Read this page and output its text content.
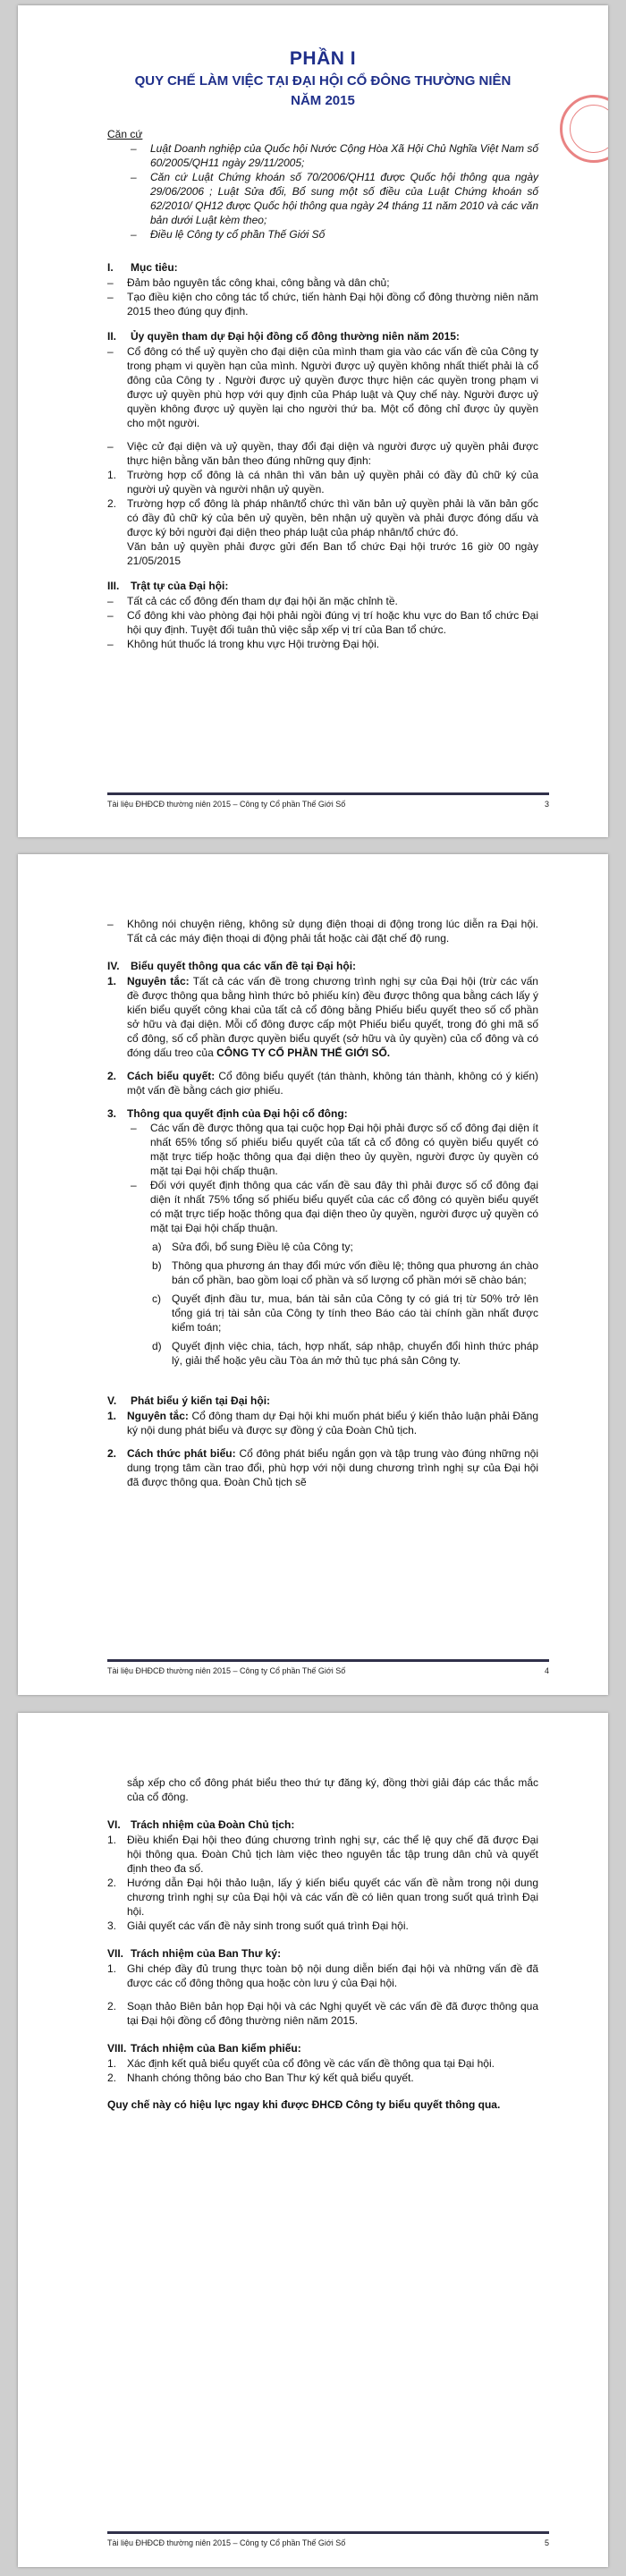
PHẦN I
QUY CHẾ LÀM VIỆC TẠI ĐẠI HỘI CỔ ĐÔNG THƯỜNG NIÊN
NĂM 2015
Căn cứ
–	Luật Doanh nghiệp của Quốc hội Nước Cộng Hòa Xã Hội Chủ Nghĩa Việt Nam số 60/2005/QH11 ngày 29/11/2005;
–	Căn cứ Luật Chứng khoán số 70/2006/QH11 được Quốc hội thông qua ngày 29/06/2006 ; Luật Sửa đổi, Bổ sung một số điều của Luật Chứng khoán số 62/2010/ QH12 được Quốc hội thông qua ngày 24 tháng 11 năm 2010 và các văn bản dưới Luật kèm theo;
–	Điều lệ Công ty cổ phần Thế Giới Số
I. Mục tiêu:
–	Đảm bảo nguyên tắc công khai, công bằng và dân chủ;
–	Tạo điều kiện cho công tác tổ chức, tiến hành Đại hội đồng cổ đông thường niên năm 2015 theo đúng quy định.
II. Ủy quyền tham dự Đại hội đồng cổ đông thường niên năm 2015:
–	Cổ đông có thể uỷ quyền cho đại diện của mình tham gia vào các vấn đề của Công ty trong phạm vi quyền hạn của mình. Người được uỷ quyền không nhất thiết phải là cổ đông của Công ty . Người được uỷ quyền được thực hiện các quyền trong phạm vi được uỷ quyền phù hợp với quy định của Pháp luật và Quy chế này. Người được uỷ quyền không được uỷ quyền lại cho người thứ ba. Một cổ đông chỉ được ủy quyền cho một người.
–	Việc cử đại diện và uỷ quyền, thay đổi đại diện và người được uỷ quyền phải được thực hiện bằng văn bản theo đúng những quy định:
1. Trường hợp cổ đông là cá nhân thì văn bản uỷ quyền phải có đầy đủ chữ ký của người uỷ quyền và người nhận uỷ quyền.
2. Trường hợp cổ đông là pháp nhân/tổ chức thì văn bản uỷ quyền phải là văn bản gốc có đầy đủ chữ ký của bên uỷ quyền, bên nhận uỷ quyền và phải được đóng dấu và được ký bởi người đại diện theo pháp luật của pháp nhân/tổ chức đó.
Văn bản uỷ quyền phải được gửi đến Ban tổ chức Đại hội trước 16 giờ 00 ngày 21/05/2015
III. Trật tự của Đại hội:
–	Tất cả các cổ đông đến tham dự đại hội ăn mặc chỉnh tề.
–	Cổ đông khi vào phòng đại hội phải ngồi đúng vị trí hoặc khu vực do Ban tổ chức Đại hội quy định. Tuyệt đối tuân thủ việc sắp xếp vị trí của Ban tổ chức.
–	Không hút thuốc lá trong khu vực Hội trường Đại hội.
Tài liệu ĐHĐCĐ thường niên 2015 – Công ty Cổ phần Thế Giới Số	3
–	Không nói chuyện riêng, không sử dụng điện thoại di động trong lúc diễn ra Đại hội. Tất cả các máy điện thoại di động phải tắt hoặc cài đặt chế độ rung.
IV. Biểu quyết thông qua các vấn đề tại Đại hội:
1. Nguyên tắc: Tất cả các vấn đề trong chương trình nghị sự của Đại hội (trừ các vấn đề được thông qua bằng hình thức bỏ phiếu kín) đều được thông qua bằng cách lấy ý kiến biểu quyết công khai của tất cả cổ đông bằng Phiếu biểu quyết theo số cổ phần sở hữu và đại diện. Mỗi cổ đông được cấp một Phiếu biểu quyết, trong đó ghi mã số cổ đông, số cổ phần được quyền biểu quyết (sở hữu và ủy quyền) của cổ đông và có đóng dấu treo của CÔNG TY CỔ PHẦN THẾ GIỚI SỐ.
2. Cách biểu quyết: Cổ đông biểu quyết (tán thành, không tán thành, không có ý kiến) một vấn đề bằng cách giơ phiếu.
3. Thông qua quyết định của Đại hội cổ đông:
–	Các vấn đề được thông qua tại cuộc họp Đại hội phải được số cổ đông đại diện ít nhất 65% tổng số phiếu biểu quyết của tất cả cổ đông có quyền biểu quyết có mặt trực tiếp hoặc thông qua đại diện theo ủy quyền, người được ủy quyền có mặt tại Đại hội chấp thuận.
–	Đối với quyết định thông qua các vấn đề sau đây thì phải được số cổ đông đại diện ít nhất 75% tổng số phiếu biểu quyết của các cổ đông có quyền biểu quyết có mặt trực tiếp hoặc thông qua đại diện theo ủy quyền, người được uỷ quyền có mặt tại Đại hội chấp thuận.
a) Sửa đổi, bổ sung Điều lệ của Công ty;
b) Thông qua phương án thay đổi mức vốn điều lệ; thông qua phương án chào bán cổ phần, bao gồm loại cổ phần và số lượng cổ phần mới sẽ chào bán;
c)	Quyết định đầu tư, mua, bán tài sản của Công ty có giá trị từ 50% trở lên tổng giá trị tài sản của Công ty tính theo Báo cáo tài chính gần nhất được kiểm toán;
d) Quyết định việc chia, tách, hợp nhất, sáp nhập, chuyển đổi hình thức pháp lý, giải thể hoặc yêu cầu Tòa án mở thủ tục phá sản Công ty.
V. Phát biểu ý kiến tại Đại hội:
1. Nguyên tắc: Cổ đông tham dự Đại hội khi muốn phát biểu ý kiến thảo luận phải Đăng ký nội dung phát biểu và được sự đồng ý của Đoàn Chủ tịch.
2. Cách thức phát biểu: Cổ đông phát biểu ngắn gọn và tập trung vào đúng những nội dung trọng tâm cần trao đổi, phù hợp với nội dung chương trình nghị sự của Đại hội đã được thông qua. Đoàn Chủ tịch sẽ
Tài liệu ĐHĐCĐ thường niên 2015 – Công ty Cổ phần Thế Giới Số	4
sắp xếp cho cổ đông phát biểu theo thứ tự đăng ký, đồng thời giải đáp các thắc mắc của cổ đông.
VI. Trách nhiệm của Đoàn Chủ tịch:
1. Điều khiển Đại hội theo đúng chương trình nghị sự, các thể lệ quy chế đã được Đại hội thông qua. Đoàn Chủ tịch làm việc theo nguyên tắc tập trung dân chủ và quyết định theo đa số.
2. Hướng dẫn Đại hội thảo luận, lấy ý kiến biểu quyết các vấn đề nằm trong nội dung chương trình nghị sự của Đại hội và các vấn đề có liên quan trong suốt quá trình Đại hội.
3. Giải quyết các vấn đề nảy sinh trong suốt quá trình Đại hội.
VII. Trách nhiệm của Ban Thư ký:
1. Ghi chép đầy đủ trung thực toàn bộ nội dung diễn biến đại hội và những vấn đề đã được các cổ đông thông qua hoặc còn lưu ý của Đại hội.
2. Soạn thảo Biên bản họp Đại hội và các Nghị quyết về các vấn đề đã được thông qua tại Đại hội đồng cổ đông thường niên năm 2015.
VIII. Trách nhiệm của Ban kiểm phiếu:
1. Xác định kết quả biểu quyết của cổ đông về các vấn đề thông qua tại Đại hội.
2. Nhanh chóng thông báo cho Ban Thư ký kết quả biểu quyết.
Quy chế này có hiệu lực ngay khi được ĐHCĐ Công ty biểu quyết thông qua.
Tài liệu ĐHĐCĐ thường niên 2015 – Công ty Cổ phần Thế Giới Số	5
